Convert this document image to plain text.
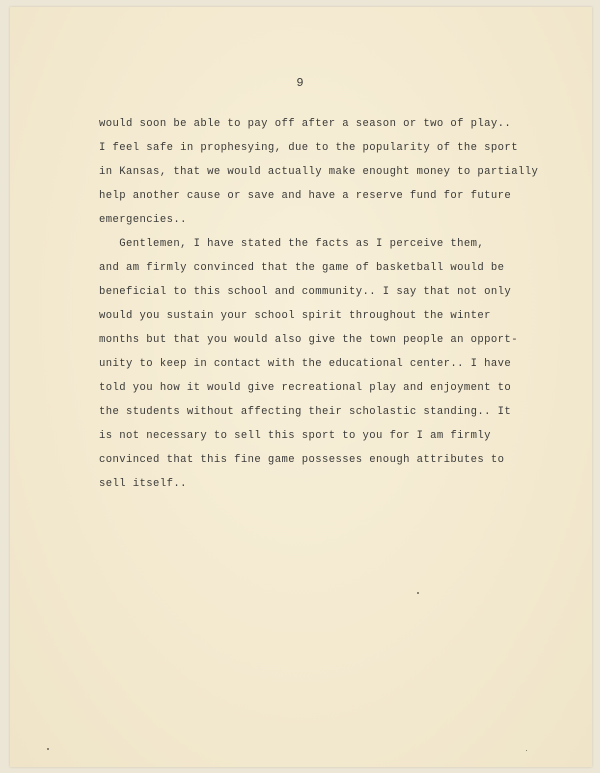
9
would soon be able to pay off after a season or two of play..
I feel safe in prophesying, due to the popularity of the sport
in Kansas, that we would actually make enought money to partially
help another cause or save and have a reserve fund for future
emergencies..
Gentlemen, I have stated the facts as I perceive them,
and am firmly convinced that the game of basketball would be
beneficial to this school and community.. I say that not only
would you sustain your school spirit throughout the winter
months but that you would also give the town people an opport-
unity to keep in contact with the educational center.. I have
told you how it would give recreational play and enjoyment to
the students without affecting their scholastic standing.. It
is not necessary to sell this sport to you for I am firmly
convinced that this fine game possesses enough attributes to
sell itself..
